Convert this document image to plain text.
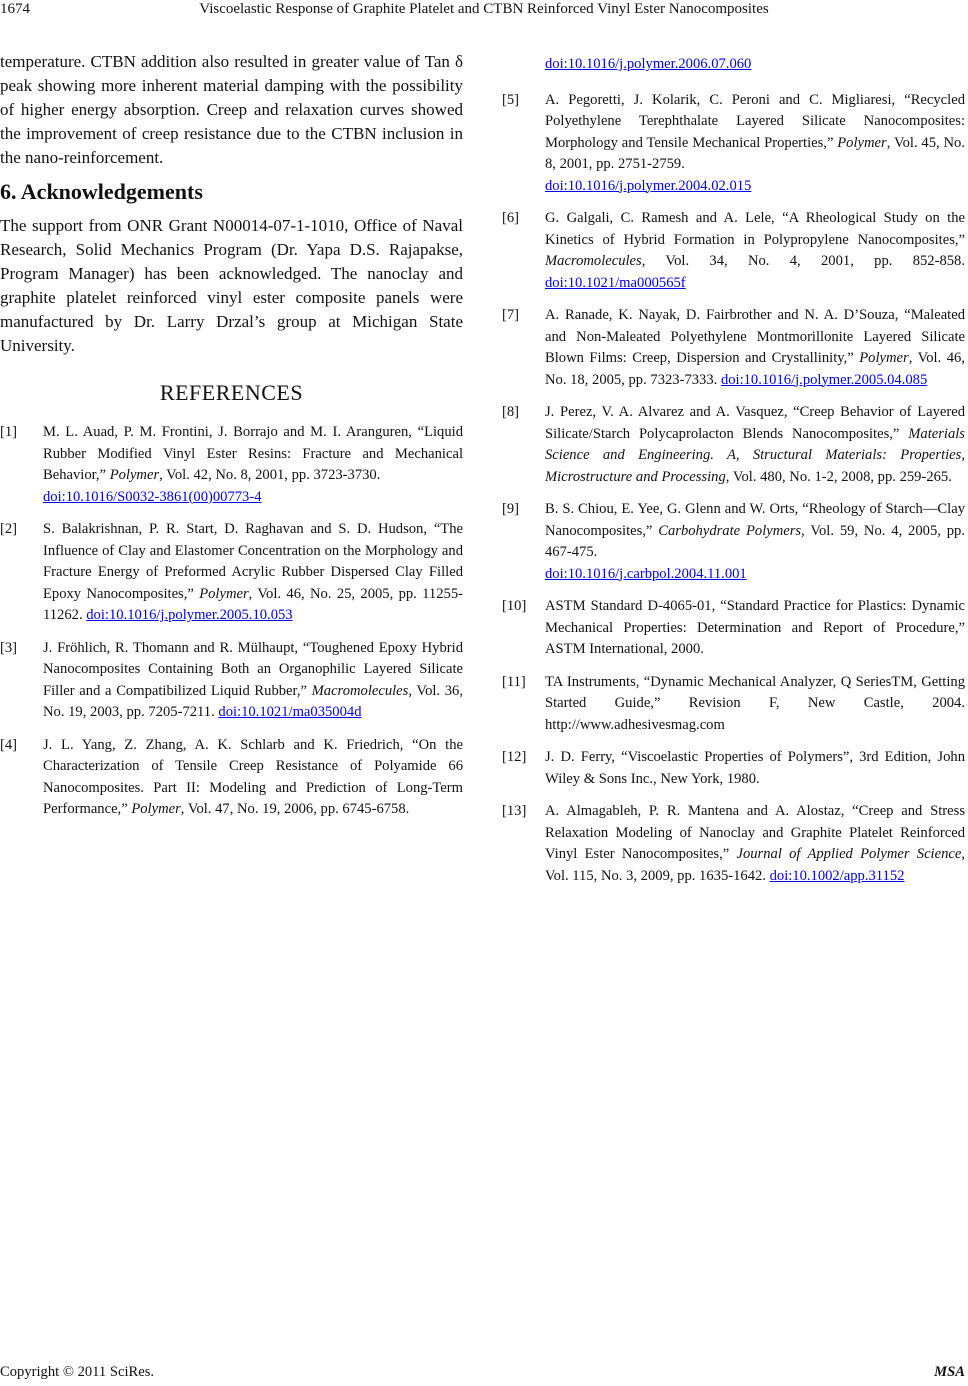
1674	Viscoelastic Response of Graphite Platelet and CTBN Reinforced Vinyl Ester Nanocomposites

temperature. CTBN addition also resulted in greater value of Tan δ peak showing more inherent material damping with the possibility of higher energy absorption. Creep and relaxation curves showed the improvement of creep resistance due to the CTBN inclusion in the nano-reinforcement.

6. Acknowledgements

The support from ONR Grant N00014-07-1-1010, Office of Naval Research, Solid Mechanics Program (Dr. Yapa D.S. Rajapakse, Program Manager) has been acknowledged. The nanoclay and graphite platelet reinforced vinyl ester composite panels were manufactured by Dr. Larry Drzal’s group at Michigan State University.

REFERENCES
[1]	M. L. Auad, P. M. Frontini, J. Borrajo and M. I. Aranguren, “Liquid Rubber Modified Vinyl Ester Resins: Fracture and Mechanical Behavior,” Polymer, Vol. 42, No. 8, 2001, pp. 3723-3730.
doi:10.1016/S0032-3861(00)00773-4
[2]	S. Balakrishnan, P. R. Start, D. Raghavan and S. D. Hudson, “The Influence of Clay and Elastomer Concentration on the Morphology and Fracture Energy of Preformed Acrylic Rubber Dispersed Clay Filled Epoxy Nanocomposites,” Polymer, Vol. 46, No. 25, 2005, pp. 11255-11262. doi:10.1016/j.polymer.2005.10.053
[3]	J. Fröhlich, R. Thomann and R. Mülhaupt, “Toughened Epoxy Hybrid Nanocomposites Containing Both an Organophilic Layered Silicate Filler and a Compatibilized Liquid Rubber,” Macromolecules, Vol. 36, No. 19, 2003, pp. 7205-7211. doi:10.1021/ma035004d
[4]	J. L. Yang, Z. Zhang, A. K. Schlarb and K. Friedrich, “On the Characterization of Tensile Creep Resistance of Polyamide 66 Nanocomposites. Part II: Modeling and Prediction of Long-Term Performance,” Polymer, Vol. 47, No. 19, 2006, pp. 6745-6758.
doi:10.1016/j.polymer.2006.07.060
[5]	A. Pegoretti, J. Kolarik, C. Peroni and C. Migliaresi, “Recycled Polyethylene Terephthalate Layered Silicate Nanocomposites: Morphology and Tensile Mechanical Properties,” Polymer, Vol. 45, No. 8, 2001, pp. 2751-2759.
doi:10.1016/j.polymer.2004.02.015
[6]	G. Galgali, C. Ramesh and A. Lele, “A Rheological Study on the Kinetics of Hybrid Formation in Polypropylene Nanocomposites,” Macromolecules, Vol. 34, No. 4, 2001, pp. 852-858. doi:10.1021/ma000565f
[7]	A. Ranade, K. Nayak, D. Fairbrother and N. A. D’Souza, “Maleated and Non-Maleated Polyethylene Montmorillonite Layered Silicate Blown Films: Creep, Dispersion and Crystallinity,” Polymer, Vol. 46, No. 18, 2005, pp. 7323-7333. doi:10.1016/j.polymer.2005.04.085
[8]	J. Perez, V. A. Alvarez and A. Vasquez, “Creep Behavior of Layered Silicate/Starch Polycaprolacton Blends Nanocomposites,” Materials Science and Engineering. A, Structural Materials: Properties, Microstructure and Processing, Vol. 480, No. 1-2, 2008, pp. 259-265.
[9]	B. S. Chiou, E. Yee, G. Glenn and W. Orts, “Rheology of Starch—Clay Nanocomposites,” Carbohydrate Polymers, Vol. 59, No. 4, 2005, pp. 467-475.
doi:10.1016/j.carbpol.2004.11.001
[10]	ASTM Standard D-4065-01, “Standard Practice for Plastics: Dynamic Mechanical Properties: Determination and Report of Procedure,” ASTM International, 2000.
[11]	TA Instruments, “Dynamic Mechanical Analyzer, Q SeriesTM, Getting Started Guide,” Revision F, New Castle, 2004. http://www.adhesivesmag.com
[12]	J. D. Ferry, “Viscoelastic Properties of Polymers”, 3rd Edition, John Wiley & Sons Inc., New York, 1980.
[13]	A. Almagableh, P. R. Mantena and A. Alostaz, “Creep and Stress Relaxation Modeling of Nanoclay and Graphite Platelet Reinforced Vinyl Ester Nanocomposites,” Journal of Applied Polymer Science, Vol. 115, No. 3, 2009, pp. 1635-1642. doi:10.1002/app.31152
Copyright © 2011 SciRes.	MSA
